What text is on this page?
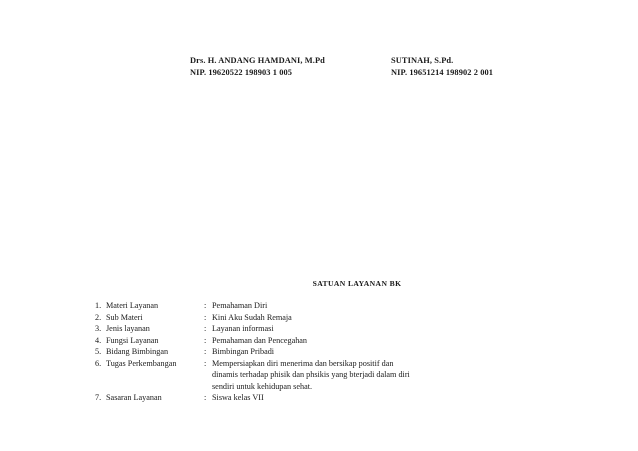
Drs. H. ANDANG HAMDANI, M.Pd
NIP. 19620522 198903 1 005
SUTINAH, S.Pd.
NIP. 19651214 198902 2 001
SATUAN LAYANAN BK
1. Materi Layanan	: Pemahaman Diri
2. Sub Materi	: Kini Aku Sudah Remaja
3. Jenis layanan	: Layanan informasi
4. Fungsi Layanan	: Pemahaman dan Pencegahan
5. Bidang Bimbingan	: Bimbingan Pribadi
6. Tugas Perkembangan	: Mempersiapkan diri menerima dan bersikap positif dan
dinamis terhadap phisik dan phsikis yang bterjadi dalam diri
sendiri untuk kehidupan sehat.
7. Sasaran Layanan	: Siswa kelas VII
